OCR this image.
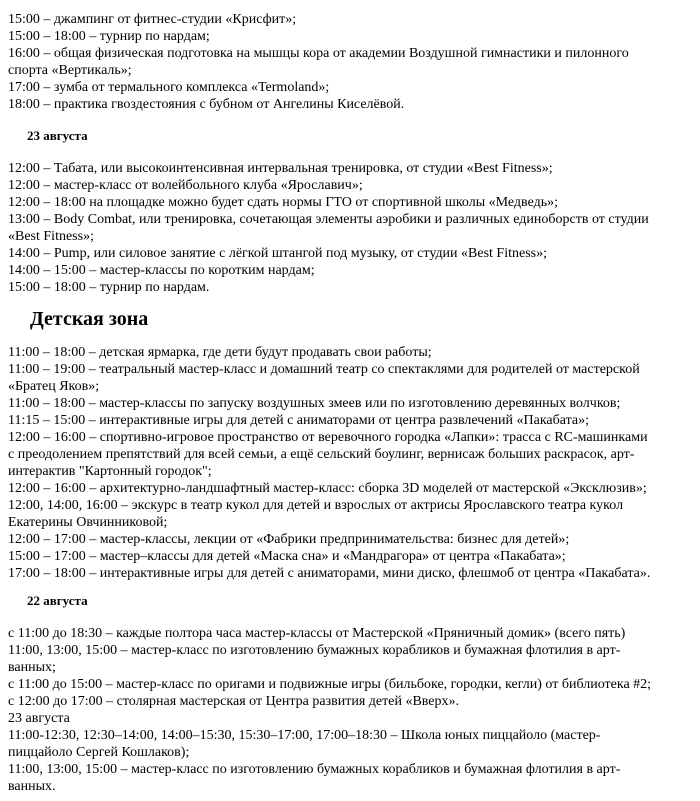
15:00 – джампинг от фитнес-студии «Крисфит»;
15:00 – 18:00 – турнир по нардам;
16:00 – общая физическая подготовка на мышцы кора от академии Воздушной гимнастики и пилонного
спорта «Вертикаль»;
17:00 – зумба от термального комплекса «Termoland»;
18:00 – практика гвоздестояния с бубном от Ангелины Киселёвой.
23 августа
12:00 – Табата, или высокоинтенсивная интервальная тренировка, от студии «Best Fitness»;
12:00 – мастер-класс от волейбольного клуба «Ярославич»;
12:00 – 18:00 на площадке можно будет сдать нормы ГТО от спортивной школы «Медведь»;
13:00 – Body Combat, или тренировка, сочетающая элементы аэробики и различных единоборств от студии
«Best Fitness»;
14:00 – Pump, или силовое занятие с лёгкой штангой под музыку, от студии «Best Fitness»;
14:00 – 15:00 – мастер-классы по коротким нардам;
15:00 – 18:00 – турнир по нардам.
Детская зона
11:00 – 18:00 – детская ярмарка, где дети будут продавать свои работы;
11:00 – 19:00 – театральный мастер-класс и домашний театр со спектаклями для родителей от мастерской
«Братец Яков»;
11:00 – 18:00 – мастер-классы по запуску воздушных змеев или по изготовлению деревянных волчков;
11:15 – 15:00 – интерактивные игры для детей с аниматорами от центра развлечений «Пакабата»;
12:00 – 16:00 – спортивно-игровое пространство от веревочного городка «Лапки»: трасса с RC-машинками
с преодолением препятствий для всей семьи, а ещё сельский боулинг, вернисаж больших раскрасок, арт-
интерактив "Картонный городок";
12:00 – 16:00 – архитектурно-ландшафтный мастер-класс: сборка 3D моделей от мастерской «Эксклюзив»;
12:00, 14:00, 16:00 – экскурс в театр кукол для детей и взрослых от актрисы Ярославского театра кукол
Екатерины Овчинниковой;
12:00 – 17:00 – мастер-классы, лекции от «Фабрики предпринимательства: бизнес для детей»;
15:00 – 17:00 – мастер–классы для детей «Маска сна» и «Мандрагора» от центра «Пакабата»;
17:00 – 18:00 – интерактивные игры для детей с аниматорами, мини диско, флешмоб от центра «Пакабата».
22 августа
с 11:00 до 18:30 – каждые полтора часа мастер-классы от Мастерской «Пряничный домик» (всего пять)
11:00, 13:00, 15:00 – мастер-класс по изготовлению бумажных корабликов и бумажная флотилия в арт-
ванных;
с 11:00 до 15:00 – мастер-класс по оригами и подвижные игры (бильбоке, городки, кегли) от библиотека #2;
с 12:00 до 17:00 – столярная мастерская от Центра развития детей «Вверх».
23 августа
11:00-12:30, 12:30–14:00, 14:00–15:30, 15:30–17:00, 17:00–18:30 – Школа юных пиццайоло (мастер-
пиццайоло Сергей Кошлаков);
11:00, 13:00, 15:00 – мастер-класс по изготовлению бумажных корабликов и бумажная флотилия в арт-
ванных.
